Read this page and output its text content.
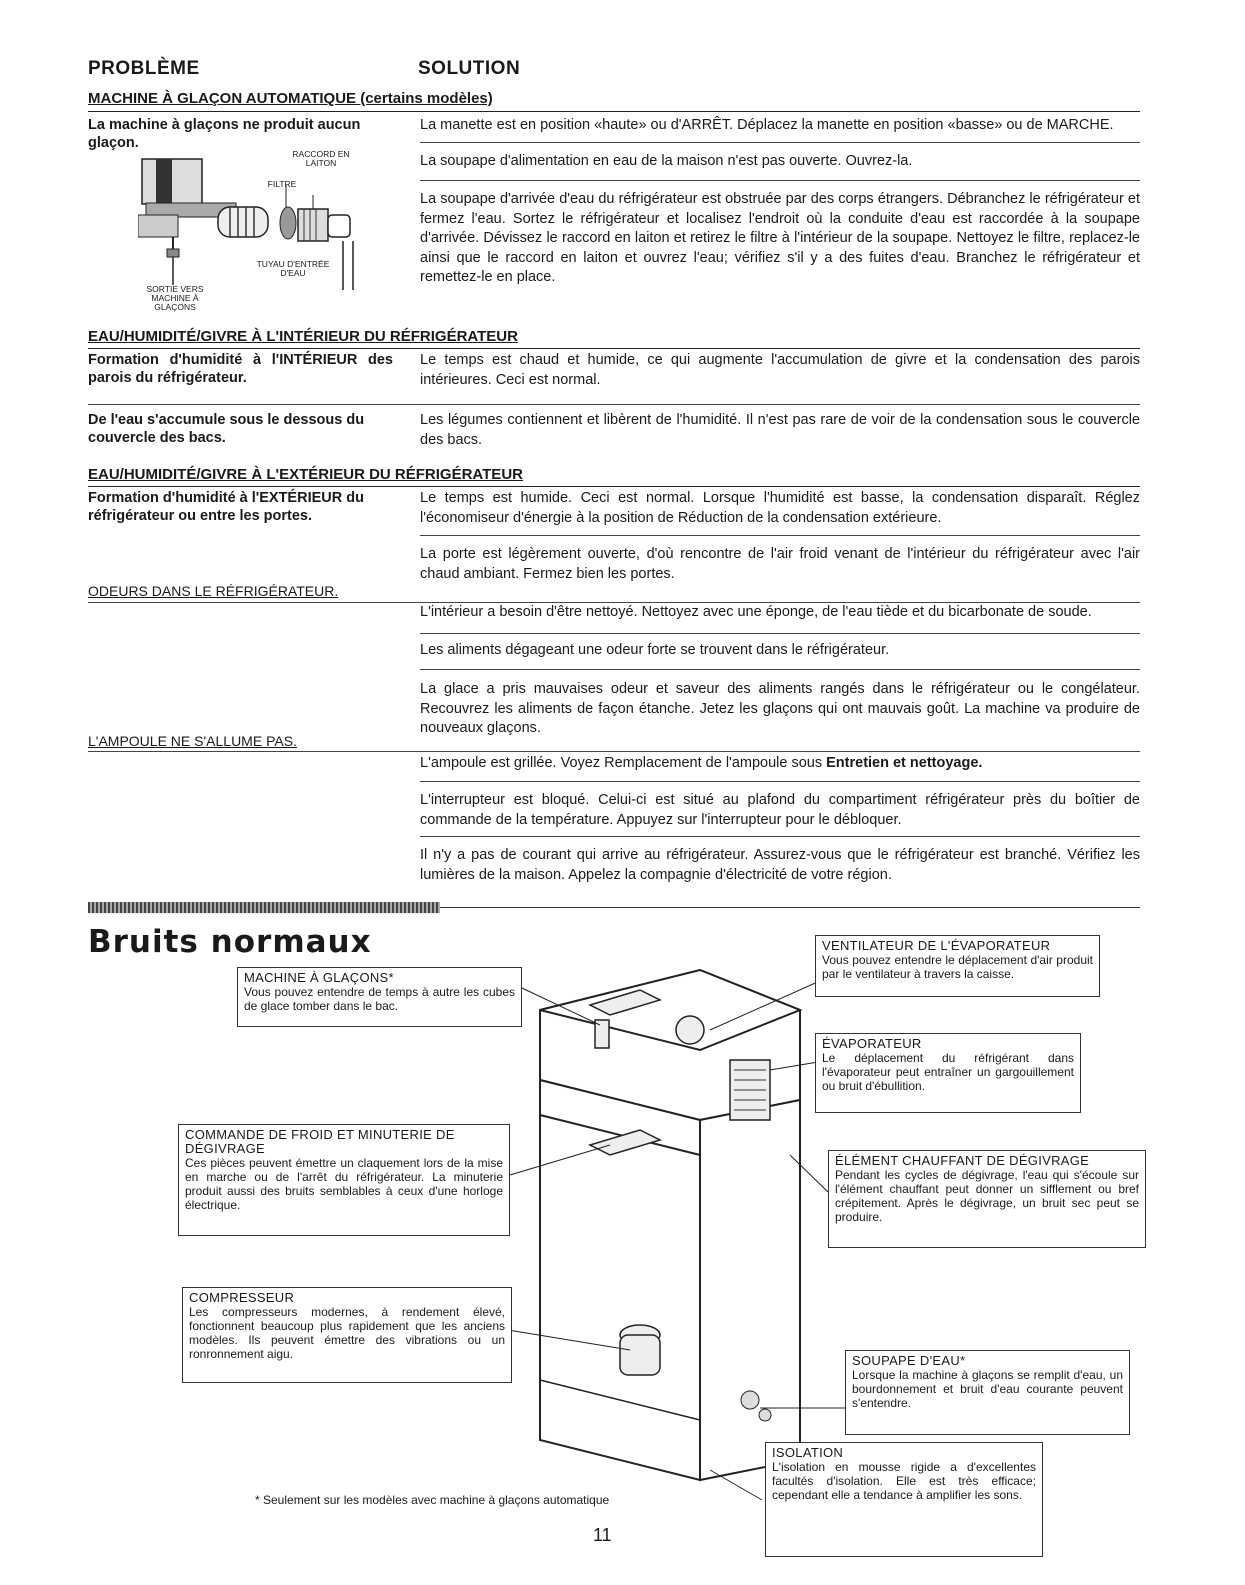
PROBLÈME	SOLUTION
MACHINE À GLAÇON AUTOMATIQUE (certains modèles)
La machine à glaçons ne produit aucun glaçon.
La manette est en position «haute» ou d'ARRÊT. Déplacez la manette en position «basse» ou de MARCHE.
La soupape d'alimentation en eau de la maison n'est pas ouverte. Ouvrez-la.
La soupape d'arrivée d'eau du réfrigérateur est obstruée par des corps étrangers. Débranchez le réfrigérateur et fermez l'eau. Sortez le réfrigérateur et localisez l'endroit où la conduite d'eau est raccordée à la soupape d'arrivée. Dévissez le raccord en laiton et retirez le filtre à l'intérieur de la soupape. Nettoyez le filtre, replacez-le ainsi que le raccord en laiton et ouvrez l'eau; vérifiez s'il y a des fuites d'eau. Branchez le réfrigérateur et remettez-le en place.
RACCORD EN LAITON
FILTRE
TUYAU D'ENTRÉE D'EAU
SORTIE VERS MACHINE À GLAÇONS
EAU/HUMIDITÉ/GIVRE À L'INTÉRIEUR DU RÉFRIGÉRATEUR
Formation d'humidité à l'INTÉRIEUR des parois du réfrigérateur.
Le temps est chaud et humide, ce qui augmente l'accumulation de givre et la condensation des parois intérieures. Ceci est normal.
De l'eau s'accumule sous le dessous du couvercle des bacs.
Les légumes contiennent et libèrent de l'humidité. Il n'est pas rare de voir de la condensation sous le couvercle des bacs.
EAU/HUMIDITÉ/GIVRE À L'EXTÉRIEUR DU RÉFRIGÉRATEUR
Formation d'humidité à l'EXTÉRIEUR du réfrigérateur ou entre les portes.
Le temps est humide. Ceci est normal. Lorsque l'humidité est basse, la condensation disparaît. Réglez l'économiseur d'énergie à la position de Réduction de la condensation extérieure.
La porte est légèrement ouverte, d'où rencontre de l'air froid venant de l'intérieur du réfrigérateur avec l'air chaud ambiant. Fermez bien les portes.
ODEURS DANS LE RÉFRIGÉRATEUR.
L'intérieur a besoin d'être nettoyé. Nettoyez avec une éponge, de l'eau tiède et du bicarbonate de soude.
Les aliments dégageant une odeur forte se trouvent dans le réfrigérateur.
La glace a pris mauvaises odeur et saveur des aliments rangés dans le réfrigérateur ou le congélateur. Recouvrez les aliments de façon étanche. Jetez les glaçons qui ont mauvais goût. La machine va produire de nouveaux glaçons.
L'AMPOULE NE S'ALLUME PAS.
L'ampoule est grillée. Voyez Remplacement de l'ampoule sous Entretien et nettoyage.
L'interrupteur est bloqué. Celui-ci est situé au plafond du compartiment réfrigérateur près du boîtier de commande de la température. Appuyez sur l'interrupteur pour le débloquer.
Il n'y a pas de courant qui arrive au réfrigérateur. Assurez-vous que le réfrigérateur est branché. Vérifiez les lumières de la maison. Appelez la compagnie d'électricité de votre région.
Bruits normaux
MACHINE À GLAÇONS*
Vous pouvez entendre de temps à autre les cubes de glace tomber dans le bac.
VENTILATEUR DE L'ÉVAPORATEUR
Vous pouvez entendre le déplacement d'air produit par le ventilateur à travers la caisse.
ÉVAPORATEUR
Le déplacement du réfrigérant dans l'évaporateur peut entraîner un gargouillement ou bruit d'ébullition.
COMMANDE DE FROID ET MINUTERIE DE DÉGIVRAGE
Ces pièces peuvent émettre un claquement lors de la mise en marche ou de l'arrêt du réfrigérateur. La minuterie produit aussi des bruits semblables à ceux d'une horloge électrique.
ÉLÉMENT CHAUFFANT DE DÉGIVRAGE
Pendant les cycles de dégivrage, l'eau qui s'écoule sur l'élément chauffant peut donner un sifflement ou bref crépitement. Après le dégivrage, un bruit sec peut se produire.
COMPRESSEUR
Les compresseurs modernes, à rendement élevé, fonctionnent beaucoup plus rapidement que les anciens modèles. Ils peuvent émettre des vibrations ou un ronronnement aigu.	SOUPAPE D'EAU*
Lorsque la machine à glaçons se remplit d'eau, un bourdonnement et bruit d'eau courante peuvent s'entendre.
ISOLATION
L'isolation en mousse rigide a d'excellentes facultés d'isolation. Elle est très efficace; cependant elle a tendance à amplifier les sons.
* Seulement sur les modèles avec machine à glaçons automatique
11
